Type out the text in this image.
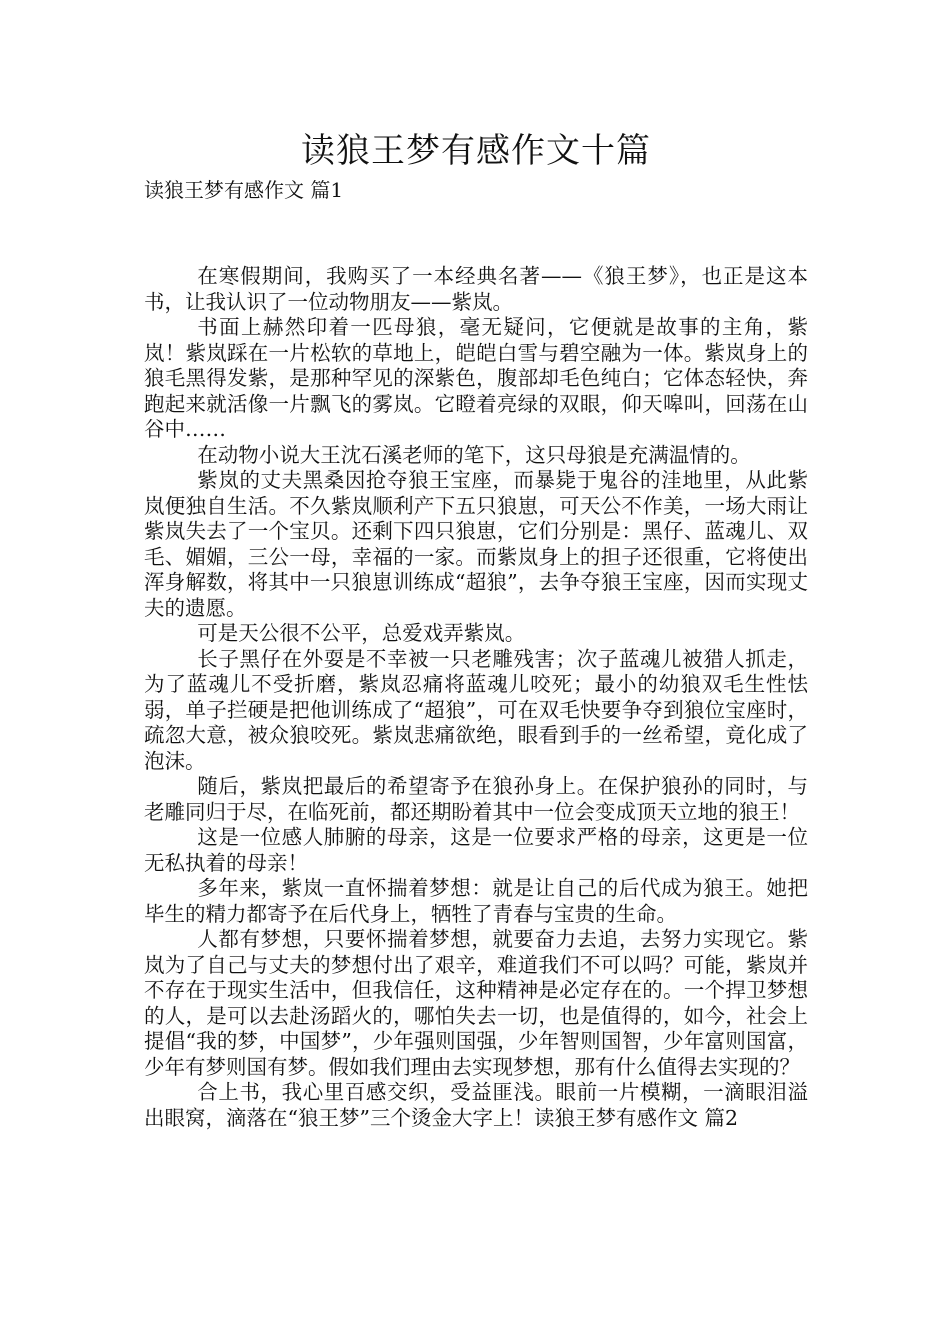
读狼王梦有感作文十篇
读狼王梦有感作文 篇1

在寒假期间，我购买了一本经典名著——《狼王梦》，也正是这本书，让我认识了一位动物朋友——紫岚。

书面上赫然印着一匹母狼，毫无疑问，它便就是故事的主角，紫岚！紫岚踩在一片松软的草地上，皑皑白雪与碧空融为一体。紫岚身上的狼毛黑得发紫，是那种罕见的深紫色，腹部却毛色纯白；它体态轻快，奔跑起来就活像一片飘飞的雾岚。它瞪着亮绿的双眼，仰天嗥叫，回荡在山谷中……

在动物小说大王沈石溪老师的笔下，这只母狼是充满温情的。

紫岚的丈夫黑桑因抢夺狼王宝座，而暴毙于鬼谷的洼地里，从此紫岚便独自生活。不久紫岚顺利产下五只狼崽，可天公不作美，一场大雨让紫岚失去了一个宝贝。还剩下四只狼崽，它们分别是：黑仔、蓝魂儿、双毛、媚媚，三公一母，幸福的一家。而紫岚身上的担子还很重，它将使出浑身解数，将其中一只狼崽训练成“超狼”，去争夺狼王宝座，因而实现丈夫的遗愿。

可是天公很不公平，总爱戏弄紫岚。

长子黑仔在外耍是不幸被一只老雕残害；次子蓝魂儿被猎人抓走，为了蓝魂儿不受折磨，紫岚忍痛将蓝魂儿咬死；最小的幼狼双毛生性怯弱，单子拦硬是把他训练成了“超狼”，可在双毛快要争夺到狼位宝座时，疏忽大意，被众狼咬死。紫岚悲痛欲绝，眼看到手的一丝希望，竟化成了泡沫。

随后，紫岚把最后的希望寄予在狼孙身上。在保护狼孙的同时，与老雕同归于尽，在临死前，都还期盼着其中一位会变成顶天立地的狼王！

这是一位感人肺腑的母亲，这是一位要求严格的母亲，这更是一位无私执着的母亲！

多年来，紫岚一直怀揣着梦想：就是让自己的后代成为狼王。她把毕生的精力都寄予在后代身上，牺牲了青春与宝贵的生命。

人都有梦想，只要怀揣着梦想，就要奋力去追，去努力实现它。紫岚为了自己与丈夫的梦想付出了艰辛，难道我们不可以吗？可能，紫岚并不存在于现实生活中，但我信任，这种精神是必定存在的。一个捍卫梦想的人，是可以去赴汤蹈火的，哪怕失去一切，也是值得的，如今，社会上提倡“我的梦，中国梦”，少年强则国强，少年智则国智，少年富则国富，少年有梦则国有梦。假如我们理由去实现梦想，那有什么值得去实现的？

合上书，我心里百感交织，受益匪浅。眼前一片模糊，一滴眼泪溢出眼窝，滴落在“狼王梦”三个烫金大字上！读狼王梦有感作文 篇2
